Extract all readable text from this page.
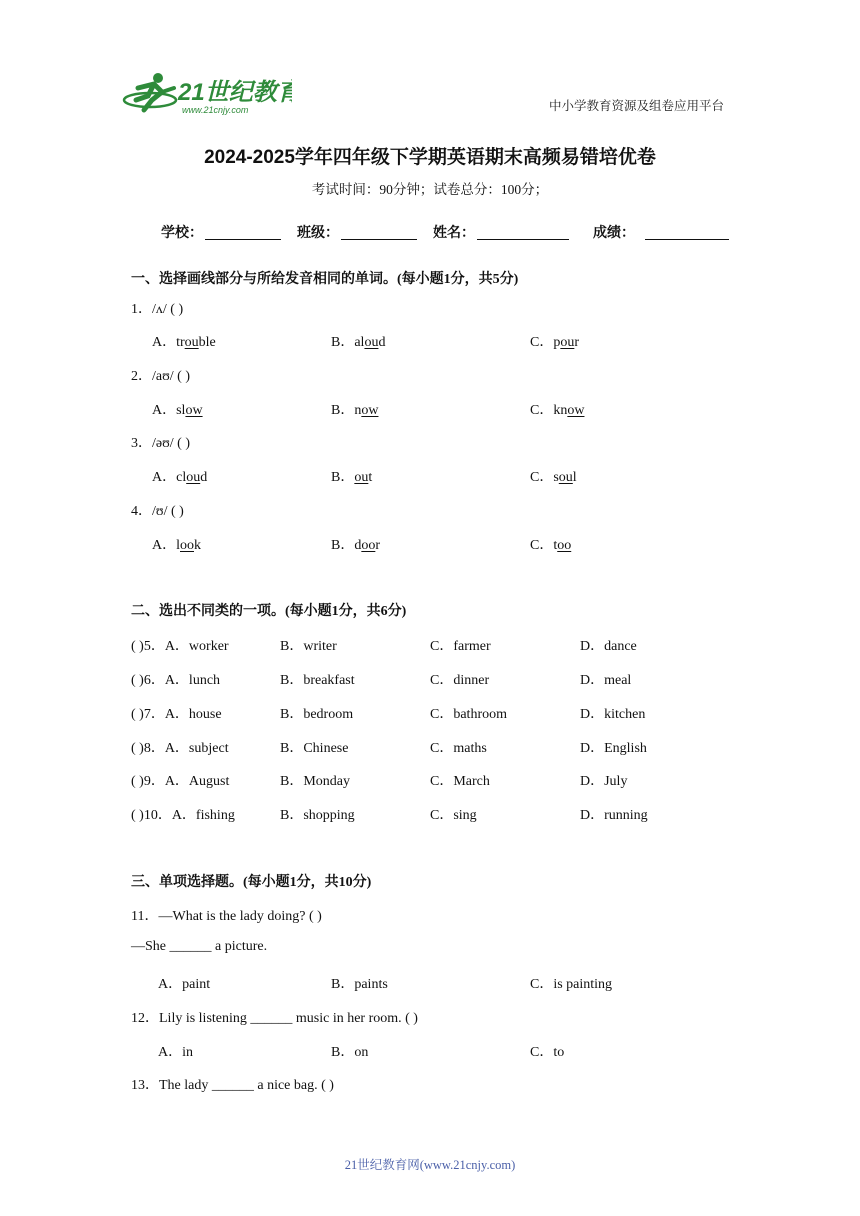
21世纪教育
www.21cnjy.com	中小学教育资源及组卷应用平台
2024-2025学年四年级下学期英语期末高频易错培优卷
考试时间：90分钟；试卷总分：100分；
学校：	班级：	姓名：	成绩：
一、选择画线部分与所给发音相同的单词。(每小题1分，共5分)
1．/ʌ/ ( )
A．trouble	B．aloud	C．pour
2．/aʊ/ ( )
A．slow	B．now	C．know
3．/əʊ/ ( )
A．cloud	B．out	C．soul
4．/ʊ/ ( )
A．look	B．door	C．too
二、选出不同类的一项。(每小题1分，共6分)
( )5．A．worker	B．writer	C．farmer	D．dance
( )6．A．lunch	B．breakfast	C．dinner	D．meal
( )7．A．house	B．bedroom	C．bathroom	D．kitchen
( )8．A．subject	B．Chinese	C．maths	D．English
( )9．A．August	B．Monday	C．March	D．July
( )10．A．fishing	B．shopping	C．sing	D．running
三、单项选择题。(每小题1分，共10分)
11．—What is the lady doing? ( )
—She ______ a picture.
A．paint	B．paints	C．is painting
12．Lily is listening ______ music in her room. ( )
A．in	B．on	C．to
13．The lady ______ a nice bag. ( )
21世纪教育网(www.21cnjy.com)
